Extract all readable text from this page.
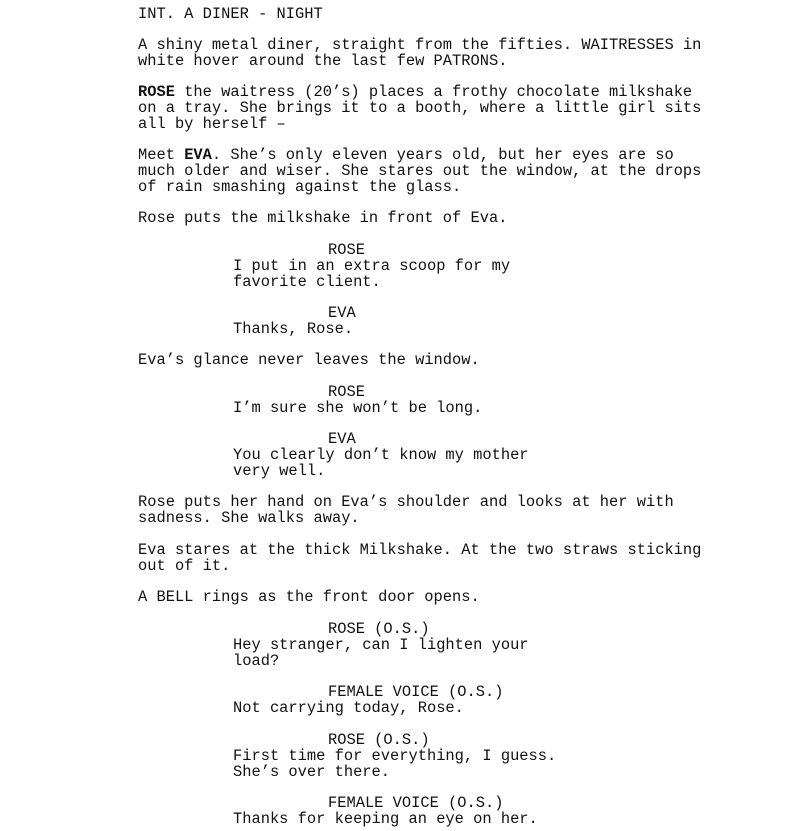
INT. A DINER - NIGHT
A shiny metal diner, straight from the fifties. WAITRESSES in
white hover around the last few PATRONS.
ROSE the waitress (20’s) places a frothy chocolate milkshake
on a tray. She brings it to a booth, where a little girl sits
all by herself –
Meet EVA. She’s only eleven years old, but her eyes are so
much older and wiser. She stares out the window, at the drops
of rain smashing against the glass.
Rose puts the milkshake in front of Eva.
ROSE
I put in an extra scoop for my
favorite client.
EVA
Thanks, Rose.
Eva’s glance never leaves the window.
ROSE
I’m sure she won’t be long.
EVA
You clearly don’t know my mother
very well.
Rose puts her hand on Eva’s shoulder and looks at her with
sadness. She walks away.
Eva stares at the thick Milkshake. At the two straws sticking
out of it.
A BELL rings as the front door opens.
ROSE (O.S.)
Hey stranger, can I lighten your
load?
FEMALE VOICE (O.S.)
Not carrying today, Rose.
ROSE (O.S.)
First time for everything, I guess.
She’s over there.
FEMALE VOICE (O.S.)
Thanks for keeping an eye on her.
